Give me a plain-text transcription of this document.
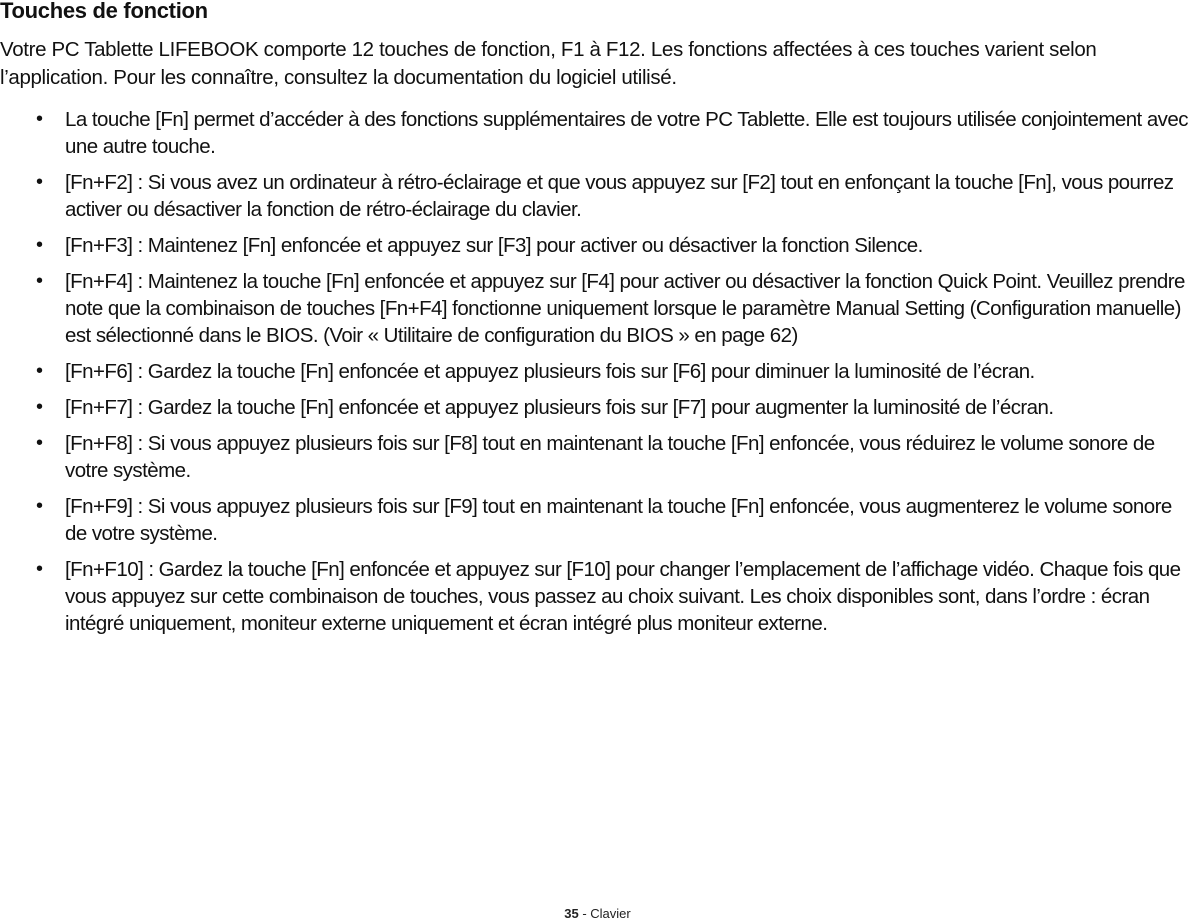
Touches de fonction

Votre PC Tablette LIFEBOOK comporte 12 touches de fonction, F1 à F12. Les fonctions affectées à ces touches varient selon l’application. Pour les connaître, consultez la documentation du logiciel utilisé.

• La touche [Fn] permet d’accéder à des fonctions supplémentaires de votre PC Tablette. Elle est toujours utilisée conjointement avec une autre touche.
• [Fn+F2] : Si vous avez un ordinateur à rétro-éclairage et que vous appuyez sur [F2] tout en enfonçant la touche [Fn], vous pourrez activer ou désactiver la fonction de rétro-éclairage du clavier.
• [Fn+F3] : Maintenez [Fn] enfoncée et appuyez sur [F3] pour activer ou désactiver la fonction Silence.
• [Fn+F4] : Maintenez la touche [Fn] enfoncée et appuyez sur [F4] pour activer ou désactiver la fonction Quick Point. Veuillez prendre note que la combinaison de touches [Fn+F4] fonctionne uniquement lorsque le paramètre Manual Setting (Configuration manuelle) est sélectionné dans le BIOS. (Voir « Utilitaire de configuration du BIOS » en page 62)
• [Fn+F6] : Gardez la touche [Fn] enfoncée et appuyez plusieurs fois sur [F6] pour diminuer la luminosité de l’écran.
• [Fn+F7] : Gardez la touche [Fn] enfoncée et appuyez plusieurs fois sur [F7] pour augmenter la luminosité de l’écran.
• [Fn+F8] : Si vous appuyez plusieurs fois sur [F8] tout en maintenant la touche [Fn] enfoncée, vous réduirez le volume sonore de votre système.
• [Fn+F9] : Si vous appuyez plusieurs fois sur [F9] tout en maintenant la touche [Fn] enfoncée, vous augmenterez le volume sonore de votre système.
• [Fn+F10] : Gardez la touche [Fn] enfoncée et appuyez sur [F10] pour changer l’emplacement de l’affichage vidéo. Chaque fois que vous appuyez sur cette combinaison de touches, vous passez au choix suivant. Les choix disponibles sont, dans l’ordre : écran intégré uniquement, moniteur externe uniquement et écran intégré plus moniteur externe.
35 - Clavier
